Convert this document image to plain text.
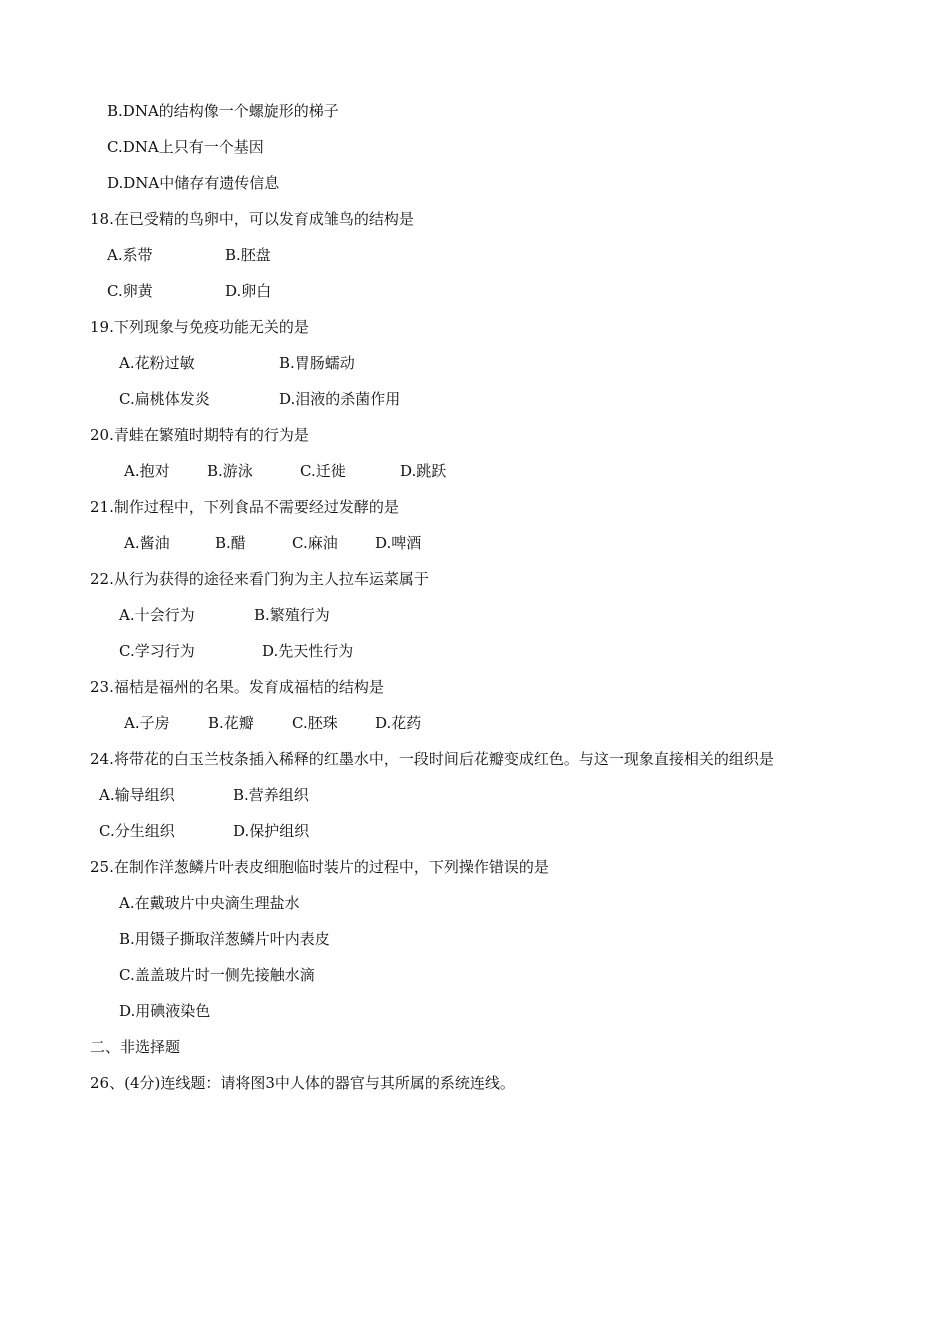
B.DNA的结构像一个螺旋形的梯子
C.DNA上只有一个基因
D.DNA中储存有遗传信息
18.在已受精的鸟卵中，可以发育成雏鸟的结构是
A.系带	B.胚盘
C.卵黄	D.卵白
19.下列现象与免疫功能无关的是
A.花粉过敏	B.胃肠蠕动
C.扁桃体发炎	D.泪液的杀菌作用
20.青蛙在繁殖时期特有的行为是
A.抱对 B.游泳	C.迁徙	D.跳跃
21.制作过程中，下列食品不需要经过发酵的是
A.酱油	B.醋	C.麻油 D.啤酒
22.从行为获得的途径来看门狗为主人拉车运菜属于
A.十会行为	B.繁殖行为
C.学习行为	D.先天性行为
23.福桔是福州的名果。发育成福桔的结构是
A.子房	B.花瓣	C.胚珠 D.花药
24.将带花的白玉兰枝条插入稀释的红墨水中，一段时间后花瓣变成红色。与这一现象直接相关的组织是
A.输导组织	B.营养组织
C.分生组织	D.保护组织
25.在制作洋葱鳞片叶表皮细胞临时装片的过程中，下列操作错误的是
A.在戴玻片中央滴生理盐水
B.用镊子撕取洋葱鳞片叶内表皮
C.盖盖玻片时一侧先接触水滴
D.用碘液染色
二、非选择题
26、(4分)连线题：请将图3中人体的器官与其所属的系统连线。
